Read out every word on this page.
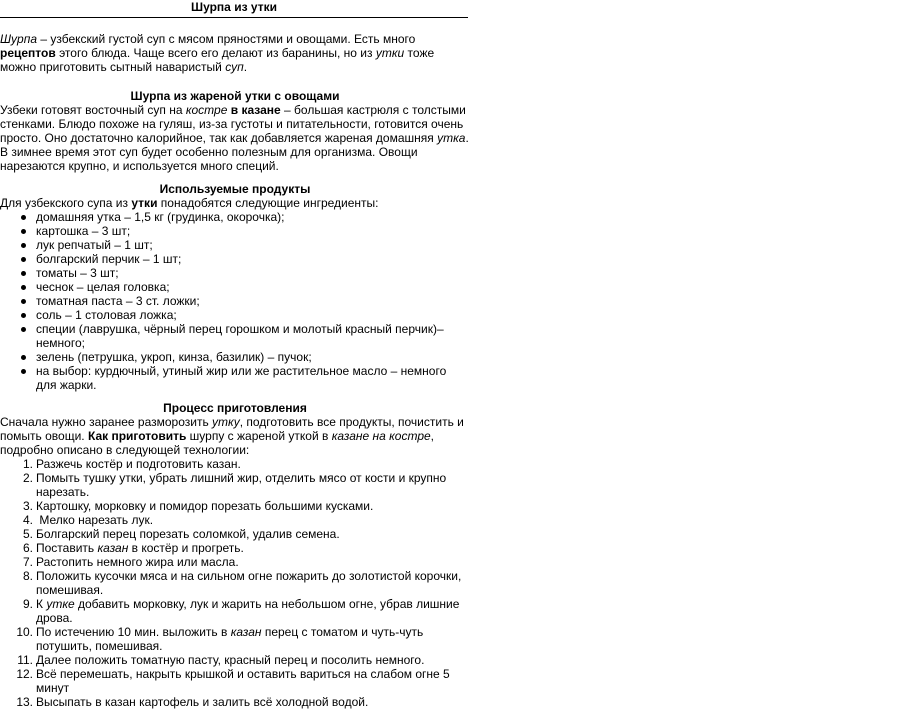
Шурпа из утки

Шурпа – узбекский густой суп с мясом пряностями и овощами. Есть много рецептов этого блюда. Чаще всего его делают из баранины, но из утки тоже можно приготовить сытный наваристый суп.

Шурпа из жареной утки с овощами

Узбеки готовят восточный суп на костре в казане – большая кастрюля с толстыми стенками. Блюдо похоже на гуляш, из-за густоты и питательности, готовится очень просто. Оно достаточно калорийное, так как добавляется жареная домашняя утка. В зимнее время этот суп будет особенно полезным для организма. Овощи нарезаются крупно, и используется много специй.

Используемые продукты

Для узбекского супа из утки понадобятся следующие ингредиенты:

домашняя утка – 1,5 кг (грудинка, окорочка);
картошка – 3 шт;
лук репчатый – 1 шт;
болгарский перчик – 1 шт;
томаты – 3 шт;
чеснок – целая головка;
томатная паста – 3 ст. ложки;
соль – 1 столовая ложка;
специи (лаврушка, чёрный перец горошком и молотый красный перчик)– немного;
зелень (петрушка, укроп, кинза, базилик) – пучок;
на выбор: курдючный, утиный жир или же растительное масло – немного для жарки.
Процесс приготовления

Сначала нужно заранее разморозить утку, подготовить все продукты, почистить и помыть овощи. Как приготовить шурпу с жареной уткой в казане на костре, подробно описано в следующей технологии:

1. Разжечь костёр и подготовить казан.
2. Помыть тушку утки, убрать лишний жир, отделить мясо от кости и крупно нарезать.
3. Картошку, морковку и помидор порезать большими кусками.
4. Мелко нарезать лук.
5. Болгарский перец порезать соломкой, удалив семена.
6. Поставить казан в костёр и прогреть.
7. Растопить немного жира или масла.
8. Положить кусочки мяса и на сильном огне пожарить до золотистой корочки, помешивая.
9. К утке добавить морковку, лук и жарить на небольшом огне, убрав лишние дрова.
10. По истечению 10 мин. выложить в казан перец с томатом и чуть-чуть потушить, помешивая.
11. Далее положить томатную пасту, красный перец и посолить немного.
12. Всё перемешать, накрыть крышкой и оставить вариться на слабом огне 5 минут
13. Высыпать в казан картофель и залить всё холодной водой.
